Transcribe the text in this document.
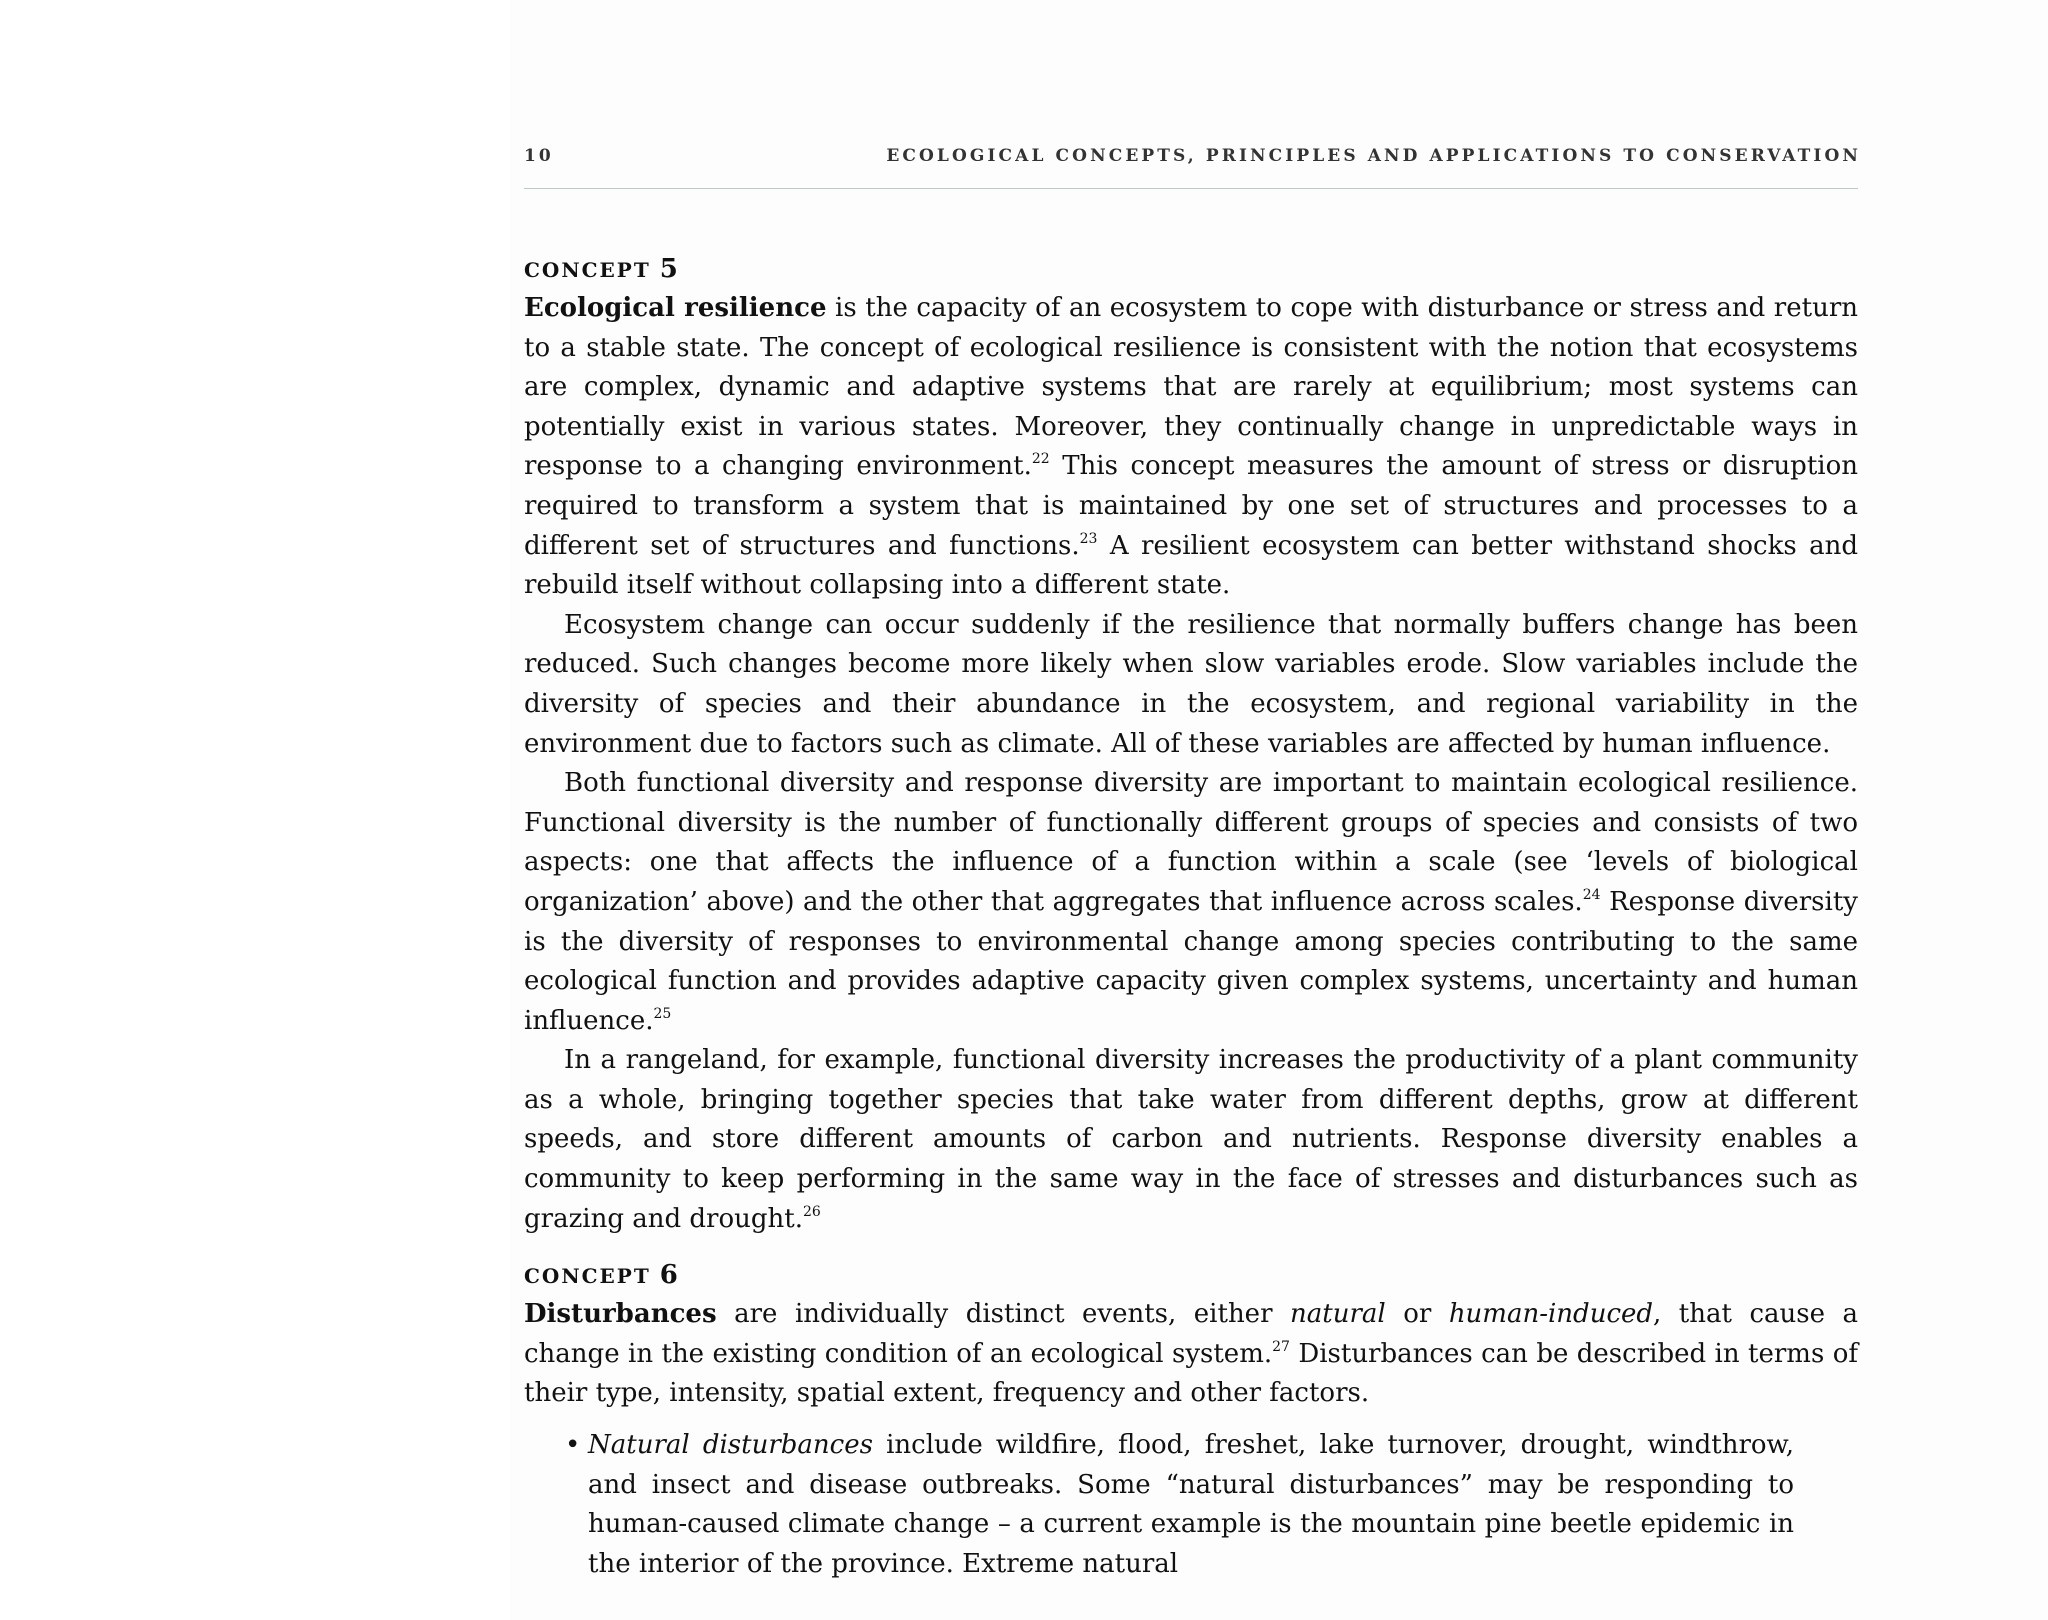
10	ECOLOGICAL CONCEPTS, PRINCIPLES AND APPLICATIONS TO CONSERVATION
CONCEPT 5

Ecological resilience is the capacity of an ecosystem to cope with disturbance or stress and return to a stable state. The concept of ecological resilience is consistent with the notion that ecosystems are complex, dynamic and adaptive systems that are rarely at equilibrium; most systems can potentially exist in various states. Moreover, they continually change in unpredictable ways in response to a changing environment.$^{22}$ This concept measures the amount of stress or disruption required to transform a system that is maintained by one set of structures and processes to a different set of structures and functions.$^{23}$ A resilient ecosystem can better withstand shocks and rebuild itself without collapsing into a different state.

Ecosystem change can occur suddenly if the resilience that normally buffers change has been reduced. Such changes become more likely when slow variables erode. Slow variables include the diversity of species and their abundance in the ecosystem, and regional variability in the environment due to factors such as climate. All of these variables are affected by human influence.

Both functional diversity and response diversity are important to maintain ecological resilience. Functional diversity is the number of functionally different groups of species and consists of two aspects: one that affects the influence of a function within a scale (see ‘levels of biological organization’ above) and the other that aggregates that influence across scales.$^{24}$ Response diversity is the diversity of responses to environmental change among species contributing to the same ecological function and provides adaptive capacity given complex systems, uncertainty and human influence.$^{25}$

In a rangeland, for example, functional diversity increases the productivity of a plant community as a whole, bringing together species that take water from different depths, grow at different speeds, and store different amounts of carbon and nutrients. Response diversity enables a community to keep performing in the same way in the face of stresses and disturbances such as grazing and drought.$^{26}$

CONCEPT 6

Disturbances are individually distinct events, either natural or human-induced, that cause a change in the existing condition of an ecological system.$^{27}$ Disturbances can be described in terms of their type, intensity, spatial extent, frequency and other factors.

• Natural disturbances include wildfire, flood, freshet, lake turnover, drought, windthrow, and insect and disease outbreaks. Some “natural disturbances” may be responding to human-caused climate change – a current example is the mountain pine beetle epidemic in the interior of the province. Extreme natural
